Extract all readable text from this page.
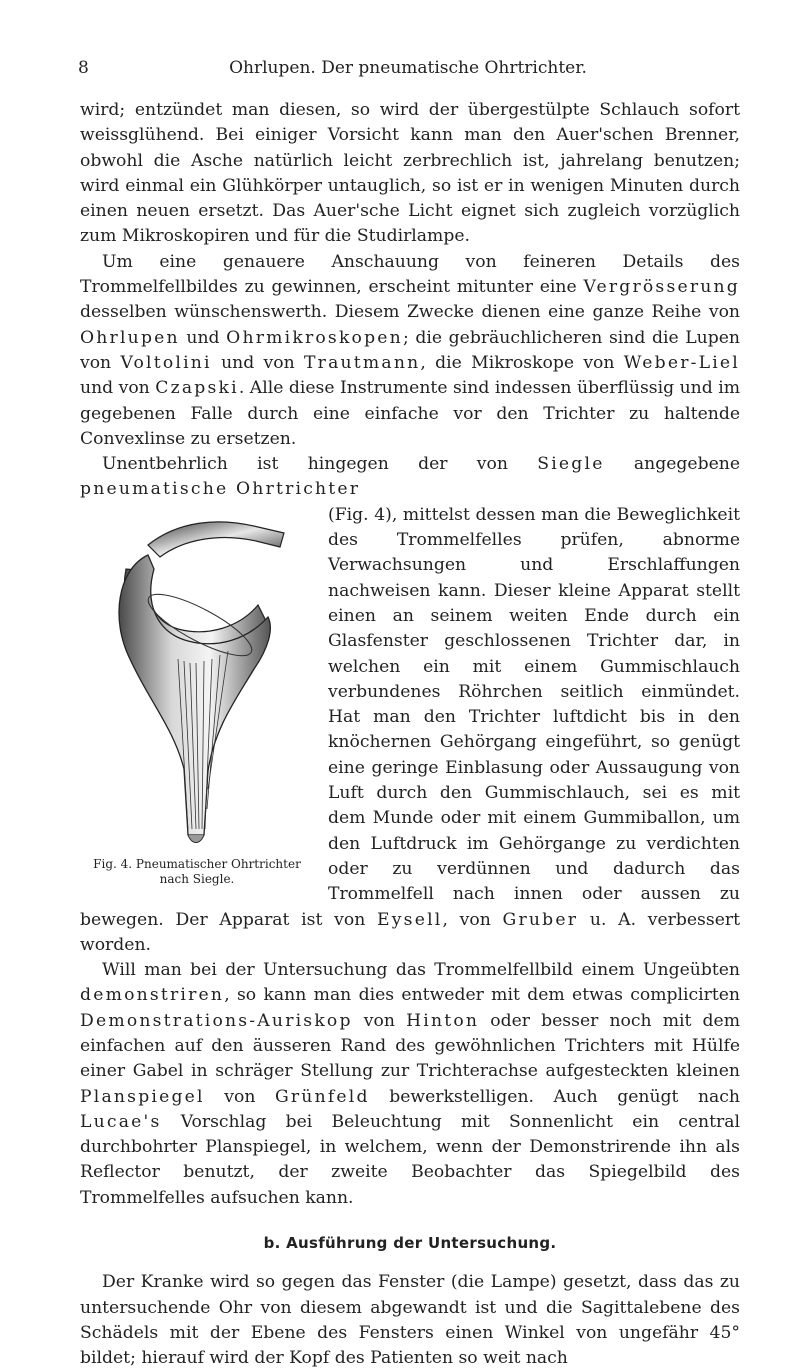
8	Ohrlupen. Der pneumatische Ohrtrichter.

wird; entzündet man diesen, so wird der übergestülpte Schlauch sofort weissglühend. Bei einiger Vorsicht kann man den Auer'schen Brenner, obwohl die Asche natürlich leicht zerbrechlich ist, jahrelang benutzen; wird einmal ein Glühkörper untauglich, so ist er in wenigen Minuten durch einen neuen ersetzt. Das Auer'sche Licht eignet sich zugleich vorzüglich zum Mikroskopiren und für die Studirlampe.

Um eine genauere Anschauung von feineren Details des Trommelfellbildes zu gewinnen, erscheint mitunter eine Vergrösserung desselben wünschenswerth. Diesem Zwecke dienen eine ganze Reihe von Ohrlupen und Ohrmikroskopen; die gebräuchlicheren sind die Lupen von Voltolini und von Trautmann, die Mikroskope von Weber-Liel und von Czapski. Alle diese Instrumente sind indessen überflüssig und im gegebenen Falle durch eine einfache vor den Trichter zu haltende Convexlinse zu ersetzen.

Unentbehrlich ist hingegen der von Siegle angegebene pneumatische Ohrtrichter

Fig. 4. Pneumatischer Ohrtrichter
nach Siegle.

(Fig. 4), mittelst dessen man die Beweglichkeit des Trommelfelles prüfen, abnorme Verwachsungen und Erschlaffungen nachweisen kann. Dieser kleine Apparat stellt einen an seinem weiten Ende durch ein Glasfenster geschlossenen Trichter dar, in welchen ein mit einem Gummischlauch verbundenes Röhrchen seitlich einmündet. Hat man den Trichter luftdicht bis in den knöchernen Gehörgang eingeführt, so genügt eine geringe Einblasung oder Aussaugung von Luft durch den Gummischlauch, sei es mit dem Munde oder mit einem Gummiballon, um den Luftdruck im Gehörgange zu verdichten oder zu verdünnen und dadurch das Trommelfell nach innen oder aussen zu bewegen. Der Apparat ist von Eysell, von Gruber u. A. verbessert worden.

Will man bei der Untersuchung das Trommelfellbild einem Ungeübten demonstriren, so kann man dies entweder mit dem etwas complicirten Demonstrations-Auriskop von Hinton oder besser noch mit dem einfachen auf den äusseren Rand des gewöhnlichen Trichters mit Hülfe einer Gabel in schräger Stellung zur Trichterachse aufgesteckten kleinen Planspiegel von Grünfeld bewerkstelligen. Auch genügt nach Lucae's Vorschlag bei Beleuchtung mit Sonnenlicht ein central durchbohrter Planspiegel, in welchem, wenn der Demonstrirende ihn als Reflector benutzt, der zweite Beobachter das Spiegelbild des Trommelfelles aufsuchen kann.

b. Ausführung der Untersuchung.

Der Kranke wird so gegen das Fenster (die Lampe) gesetzt, dass das zu untersuchende Ohr von diesem abgewandt ist und die Sagittalebene des Schädels mit der Ebene des Fensters einen Winkel von ungefähr 45° bildet; hierauf wird der Kopf des Patienten so weit nach
